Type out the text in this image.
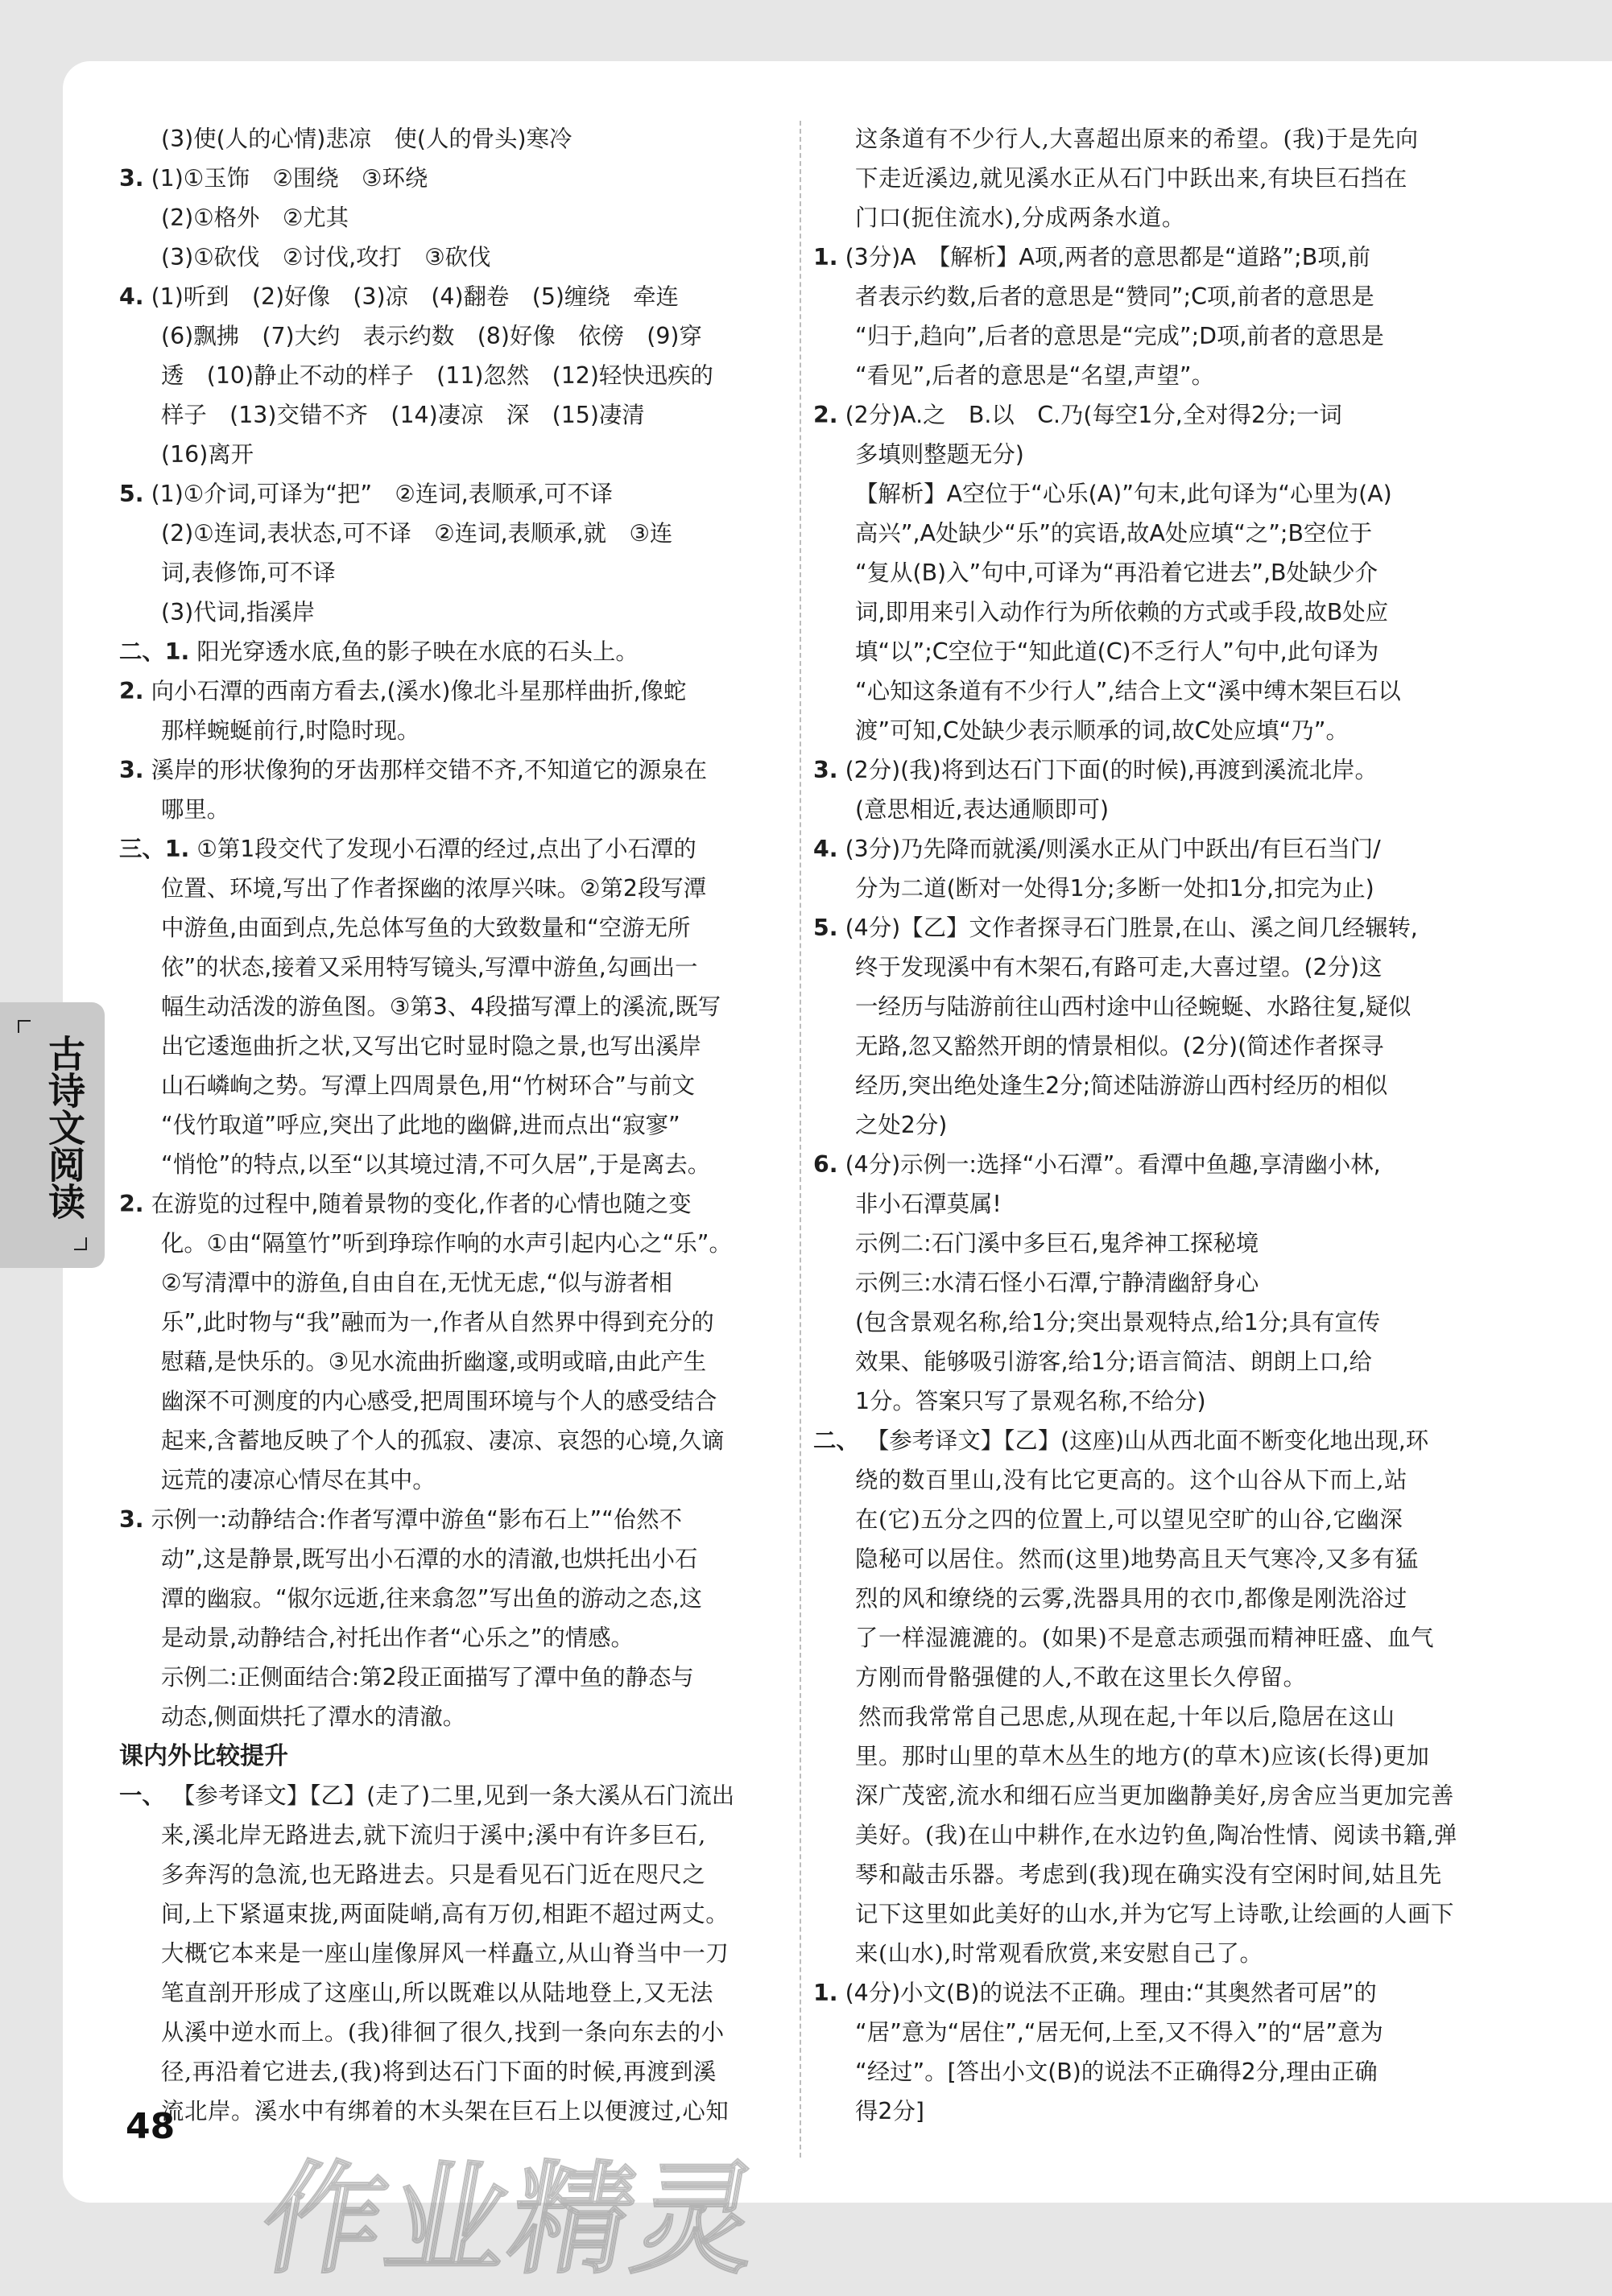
古诗文阅读

(3)使(人的心情)悲凉　使(人的骨头)寒冷

3. (1)①玉饰　②围绕　③环绕

(2)①格外　②尤其

(3)①砍伐　②讨伐,攻打　③砍伐

4. (1)听到　(2)好像　(3)凉　(4)翻卷　(5)缠绕　牵连

(6)飘拂　(7)大约　表示约数　(8)好像　依傍　(9)穿

透　(10)静止不动的样子　(11)忽然　(12)轻快迅疾的

样子　(13)交错不齐　(14)凄凉　深　(15)凄清

(16)离开

5. (1)①介词,可译为“把”　②连词,表顺承,可不译

(2)①连词,表状态,可不译　②连词,表顺承,就　③连

词,表修饰,可不译

(3)代词,指溪岸

二、1. 阳光穿透水底,鱼的影子映在水底的石头上。

2. 向小石潭的西南方看去,(溪水)像北斗星那样曲折,像蛇

那样蜿蜒前行,时隐时现。

3. 溪岸的形状像狗的牙齿那样交错不齐,不知道它的源泉在

哪里。

三、1. ①第1段交代了发现小石潭的经过,点出了小石潭的

位置、环境,写出了作者探幽的浓厚兴味。②第2段写潭

中游鱼,由面到点,先总体写鱼的大致数量和“空游无所

依”的状态,接着又采用特写镜头,写潭中游鱼,勾画出一

幅生动活泼的游鱼图。③第3、4段描写潭上的溪流,既写

出它逶迤曲折之状,又写出它时显时隐之景,也写出溪岸

山石嶙峋之势。写潭上四周景色,用“竹树环合”与前文

“伐竹取道”呼应,突出了此地的幽僻,进而点出“寂寥”

“悄怆”的特点,以至“以其境过清,不可久居”,于是离去。

2. 在游览的过程中,随着景物的变化,作者的心情也随之变

化。①由“隔篁竹”听到琤琮作响的水声引起内心之“乐”。

②写清潭中的游鱼,自由自在,无忧无虑,“似与游者相

乐”,此时物与“我”融而为一,作者从自然界中得到充分的

慰藉,是快乐的。③见水流曲折幽邃,或明或暗,由此产生

幽深不可测度的内心感受,把周围环境与个人的感受结合

起来,含蓄地反映了个人的孤寂、凄凉、哀怨的心境,久谪

远荒的凄凉心情尽在其中。

3. 示例一:动静结合:作者写潭中游鱼“影布石上”“佁然不

动”,这是静景,既写出小石潭的水的清澈,也烘托出小石

潭的幽寂。“俶尔远逝,往来翕忽”写出鱼的游动之态,这

是动景,动静结合,衬托出作者“心乐之”的情感。

示例二:正侧面结合:第2段正面描写了潭中鱼的静态与

动态,侧面烘托了潭水的清澈。

课内外比较提升

一、 【参考译文】【乙】(走了)二里,见到一条大溪从石门流出

来,溪北岸无路进去,就下流归于溪中;溪中有许多巨石,

多奔泻的急流,也无路进去。只是看见石门近在咫尺之

间,上下紧逼束拢,两面陡峭,高有万仞,相距不超过两丈。

大概它本来是一座山崖像屏风一样矗立,从山脊当中一刀

笔直剖开形成了这座山,所以既难以从陆地登上,又无法

从溪中逆水而上。(我)徘徊了很久,找到一条向东去的小

径,再沿着它进去,(我)将到达石门下面的时候,再渡到溪

流北岸。溪水中有绑着的木头架在巨石上以便渡过,心知

这条道有不少行人,大喜超出原来的希望。(我)于是先向

下走近溪边,就见溪水正从石门中跃出来,有块巨石挡在

门口(扼住流水),分成两条水道。

1. (3分)A　【解析】A项,两者的意思都是“道路”;B项,前

者表示约数,后者的意思是“赞同”;C项,前者的意思是

“归于,趋向”,后者的意思是“完成”;D项,前者的意思是

“看见”,后者的意思是“名望,声望”。

2. (2分)A.之　B.以　C.乃(每空1分,全对得2分;一词

多填则整题无分)

【解析】A空位于“心乐(A)”句末,此句译为“心里为(A)

高兴”,A处缺少“乐”的宾语,故A处应填“之”;B空位于

“复从(B)入”句中,可译为“再沿着它进去”,B处缺少介

词,即用来引入动作行为所依赖的方式或手段,故B处应

填“以”;C空位于“知此道(C)不乏行人”句中,此句译为

“心知这条道有不少行人”,结合上文“溪中缚木架巨石以

渡”可知,C处缺少表示顺承的词,故C处应填“乃”。

3. (2分)(我)将到达石门下面(的时候),再渡到溪流北岸。

(意思相近,表达通顺即可)

4. (3分)乃先降而就溪/则溪水正从门中跃出/有巨石当门/

分为二道(断对一处得1分;多断一处扣1分,扣完为止)

5. (4分)【乙】文作者探寻石门胜景,在山、溪之间几经辗转,

终于发现溪中有木架石,有路可走,大喜过望。(2分)这

一经历与陆游前往山西村途中山径蜿蜒、水路往复,疑似

无路,忽又豁然开朗的情景相似。(2分)(简述作者探寻

经历,突出绝处逢生2分;简述陆游游山西村经历的相似

之处2分)

6. (4分)示例一:选择“小石潭”。看潭中鱼趣,享清幽小林,

非小石潭莫属!

示例二:石门溪中多巨石,鬼斧神工探秘境

示例三:水清石怪小石潭,宁静清幽舒身心

(包含景观名称,给1分;突出景观特点,给1分;具有宣传

效果、能够吸引游客,给1分;语言简洁、朗朗上口,给

1分。答案只写了景观名称,不给分)

二、 【参考译文】【乙】(这座)山从西北面不断变化地出现,环

绕的数百里山,没有比它更高的。这个山谷从下而上,站

在(它)五分之四的位置上,可以望见空旷的山谷,它幽深

隐秘可以居住。然而(这里)地势高且天气寒冷,又多有猛

烈的风和缭绕的云雾,洗器具用的衣巾,都像是刚洗浴过

了一样湿漉漉的。(如果)不是意志顽强而精神旺盛、血气

方刚而骨骼强健的人,不敢在这里长久停留。

然而我常常自己思虑,从现在起,十年以后,隐居在这山

里。那时山里的草木丛生的地方(的草木)应该(长得)更加

深广茂密,流水和细石应当更加幽静美好,房舍应当更加完善

美好。(我)在山中耕作,在水边钓鱼,陶冶性情、阅读书籍,弹

琴和敲击乐器。考虑到(我)现在确实没有空闲时间,姑且先

记下这里如此美好的山水,并为它写上诗歌,让绘画的人画下

来(山水),时常观看欣赏,来安慰自己了。

1. (4分)小文(B)的说法不正确。理由:“其奥然者可居”的

“居”意为“居住”,“居无何,上至,又不得入”的“居”意为

“经过”。[答出小文(B)的说法不正确得2分,理由正确

得2分]

48
作业精灵
